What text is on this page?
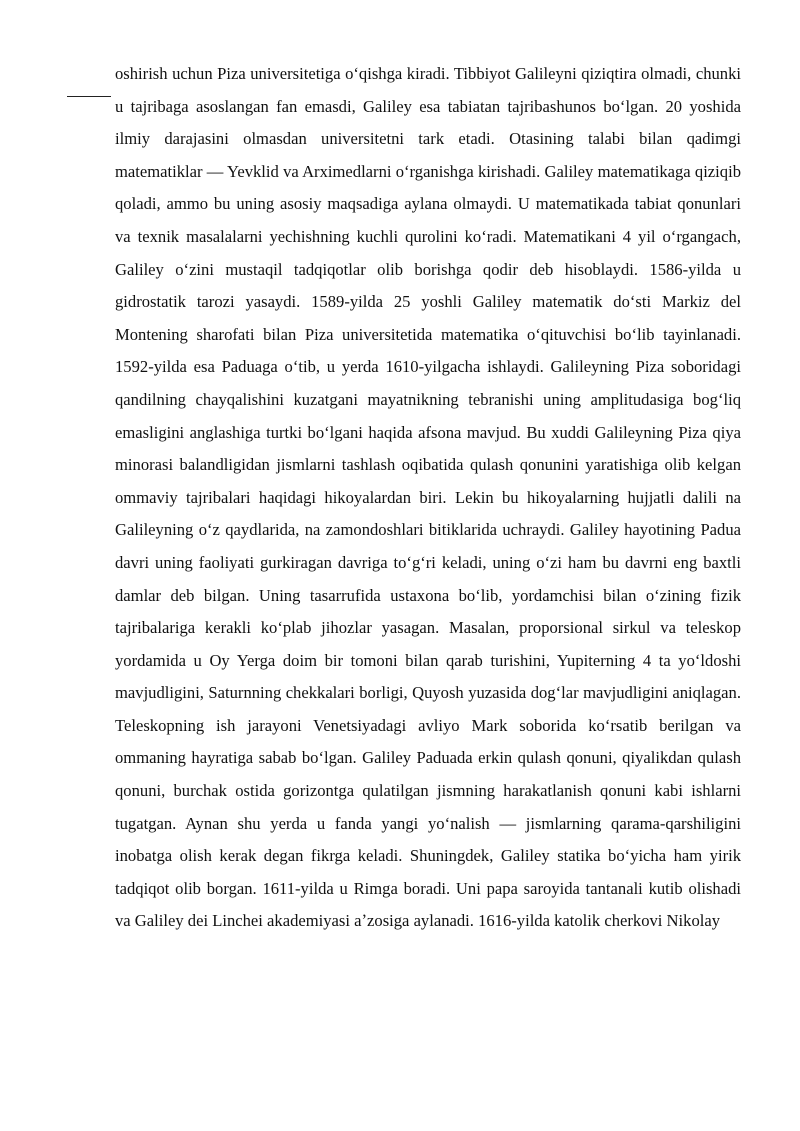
oshirish uchun Piza universitetiga oʻqishga kiradi. Tibbiyot Galileyni qiziqtira olmadi, chunki u tajribaga asoslangan fan emasdi, Galiley esa tabiatan tajribashunos boʻlgan. 20 yoshida ilmiy darajasini olmasdan universitetni tark etadi. Otasining talabi bilan qadimgi matematiklar — Yevklid va Arximedlarni oʻrganishga kirishadi. Galiley matematikaga qiziqib qoladi, ammo bu uning asosiy maqsadiga aylana olmaydi. U matematikada tabiat qonunlari va texnik masalalarni yechishning kuchli qurolini koʻradi. Matematikani 4 yil oʻrgangach, Galiley oʻzini mustaqil tadqiqotlar olib borishga qodir deb hisoblaydi. 1586-yilda u gidrostatik tarozi yasaydi. 1589-yilda 25 yoshli Galiley matematik doʻsti Markiz del Montening sharofati bilan Piza universitetida matematika oʻqituvchisi boʻlib tayinlanadi. 1592-yilda esa Paduaga oʻtib, u yerda 1610-yilgacha ishlaydi. Galileyning Piza soboridagi qandilning chayqalishini kuzatgani mayatnikning tebranishi uning amplitudasiga bogʻliq emasligini anglashiga turtki boʻlgani haqida afsona mavjud. Bu xuddi Galileyning Piza qiya minorasi balandligidan jismlarni tashlash oqibatida qulash qonunini yaratishiga olib kelgan ommaviy tajribalari haqidagi hikoyalardan biri. Lekin bu hikoyalarning hujjatli dalili na Galileyning oʻz qaydlarida, na zamondoshlari bitiklarida uchraydi. Galiley hayotining Padua davri uning faoliyati gurkiragan davriga toʻgʻri keladi, uning oʻzi ham bu davrni eng baxtli damlar deb bilgan. Uning tasarrufida ustaxona boʻlib, yordamchisi bilan oʻzining fizik tajribalariga kerakli koʻplab jihozlar yasagan. Masalan, proporsional sirkul va teleskop yordamida u Oy Yerga doim bir tomoni bilan qarab turishini, Yupiterning 4 ta yoʻldoshi mavjudligini, Saturnning chekkalari borligi, Quyosh yuzasida dogʻlar mavjudligini aniqlagan. Teleskopning ish jarayoni Venetsiyadagi avliyo Mark soborida koʻrsatib berilgan va ommaning hayratiga sabab boʻlgan. Galiley Paduada erkin qulash qonuni, qiyalikdan qulash qonuni, burchak ostida gorizontga qulatilgan jismning harakatlanish qonuni kabi ishlarni tugatgan. Aynan shu yerda u fanda yangi yoʻnalish — jismlarning qarama-qarshiligini inobatga olish kerak degan fikrga keladi. Shuningdek, Galiley statika boʻyicha ham yirik tadqiqot olib borgan. 1611-yilda u Rimga boradi. Uni papa saroyida tantanali kutib olishadi va Galiley dei Linchei akademiyasi aʼzosiga aylanadi. 1616-yilda katolik cherkovi Nikolay
